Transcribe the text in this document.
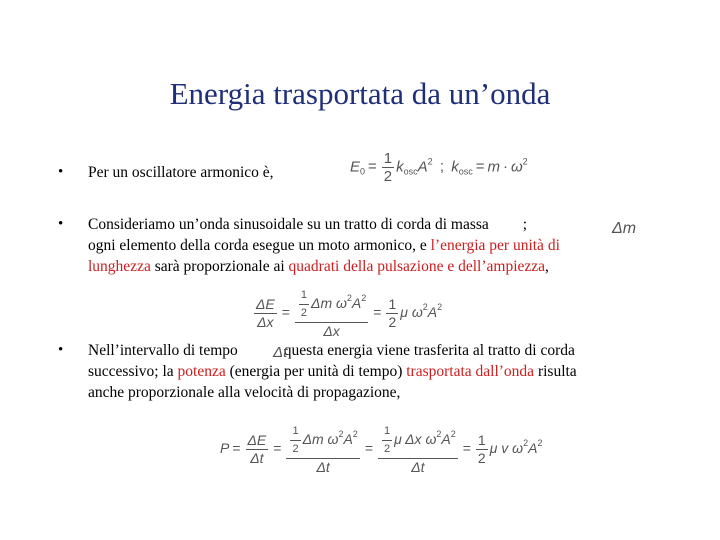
Energia trasportata da un’onda
• Per un oscillatore armonico è,	$E_0 = \frac{1}{2} k_{osc}A^2$ ; $k_{osc} = m \cdot \omega^2$
• Consideriamo un’onda sinusoidale su un tratto di corda di massa ;
ogni elemento della corda esegue un moto armonico, e l’energia per unità di
lunghezza sarà proporzionale ai quadrati della pulsazione e dell’ampiezza,
Δm
$\frac{\Delta E}{\Delta x} = \frac{\frac{1}{2} \Delta m \omega^2A^2}{\Delta x} = \frac{1}{2}$ μ $\omega^2A^2$
• Nell’intervallo di tempo	questa energia viene trasferita al tratto di corda
successivo; la potenza (energia per unità di tempo) trasportata dall’onda risulta
anche proporzionale alla velocità di propagazione,
Δt
$P = \frac{\Delta E}{\Delta t} = \frac{\frac{1}{2} \Delta m \omega^2A^2}{\Delta t} = \frac{\frac{1}{2} \mu \Delta x \omega^2A^2}{\Delta t} = \frac{1}{2}$ μ v $\omega^2A^2$
